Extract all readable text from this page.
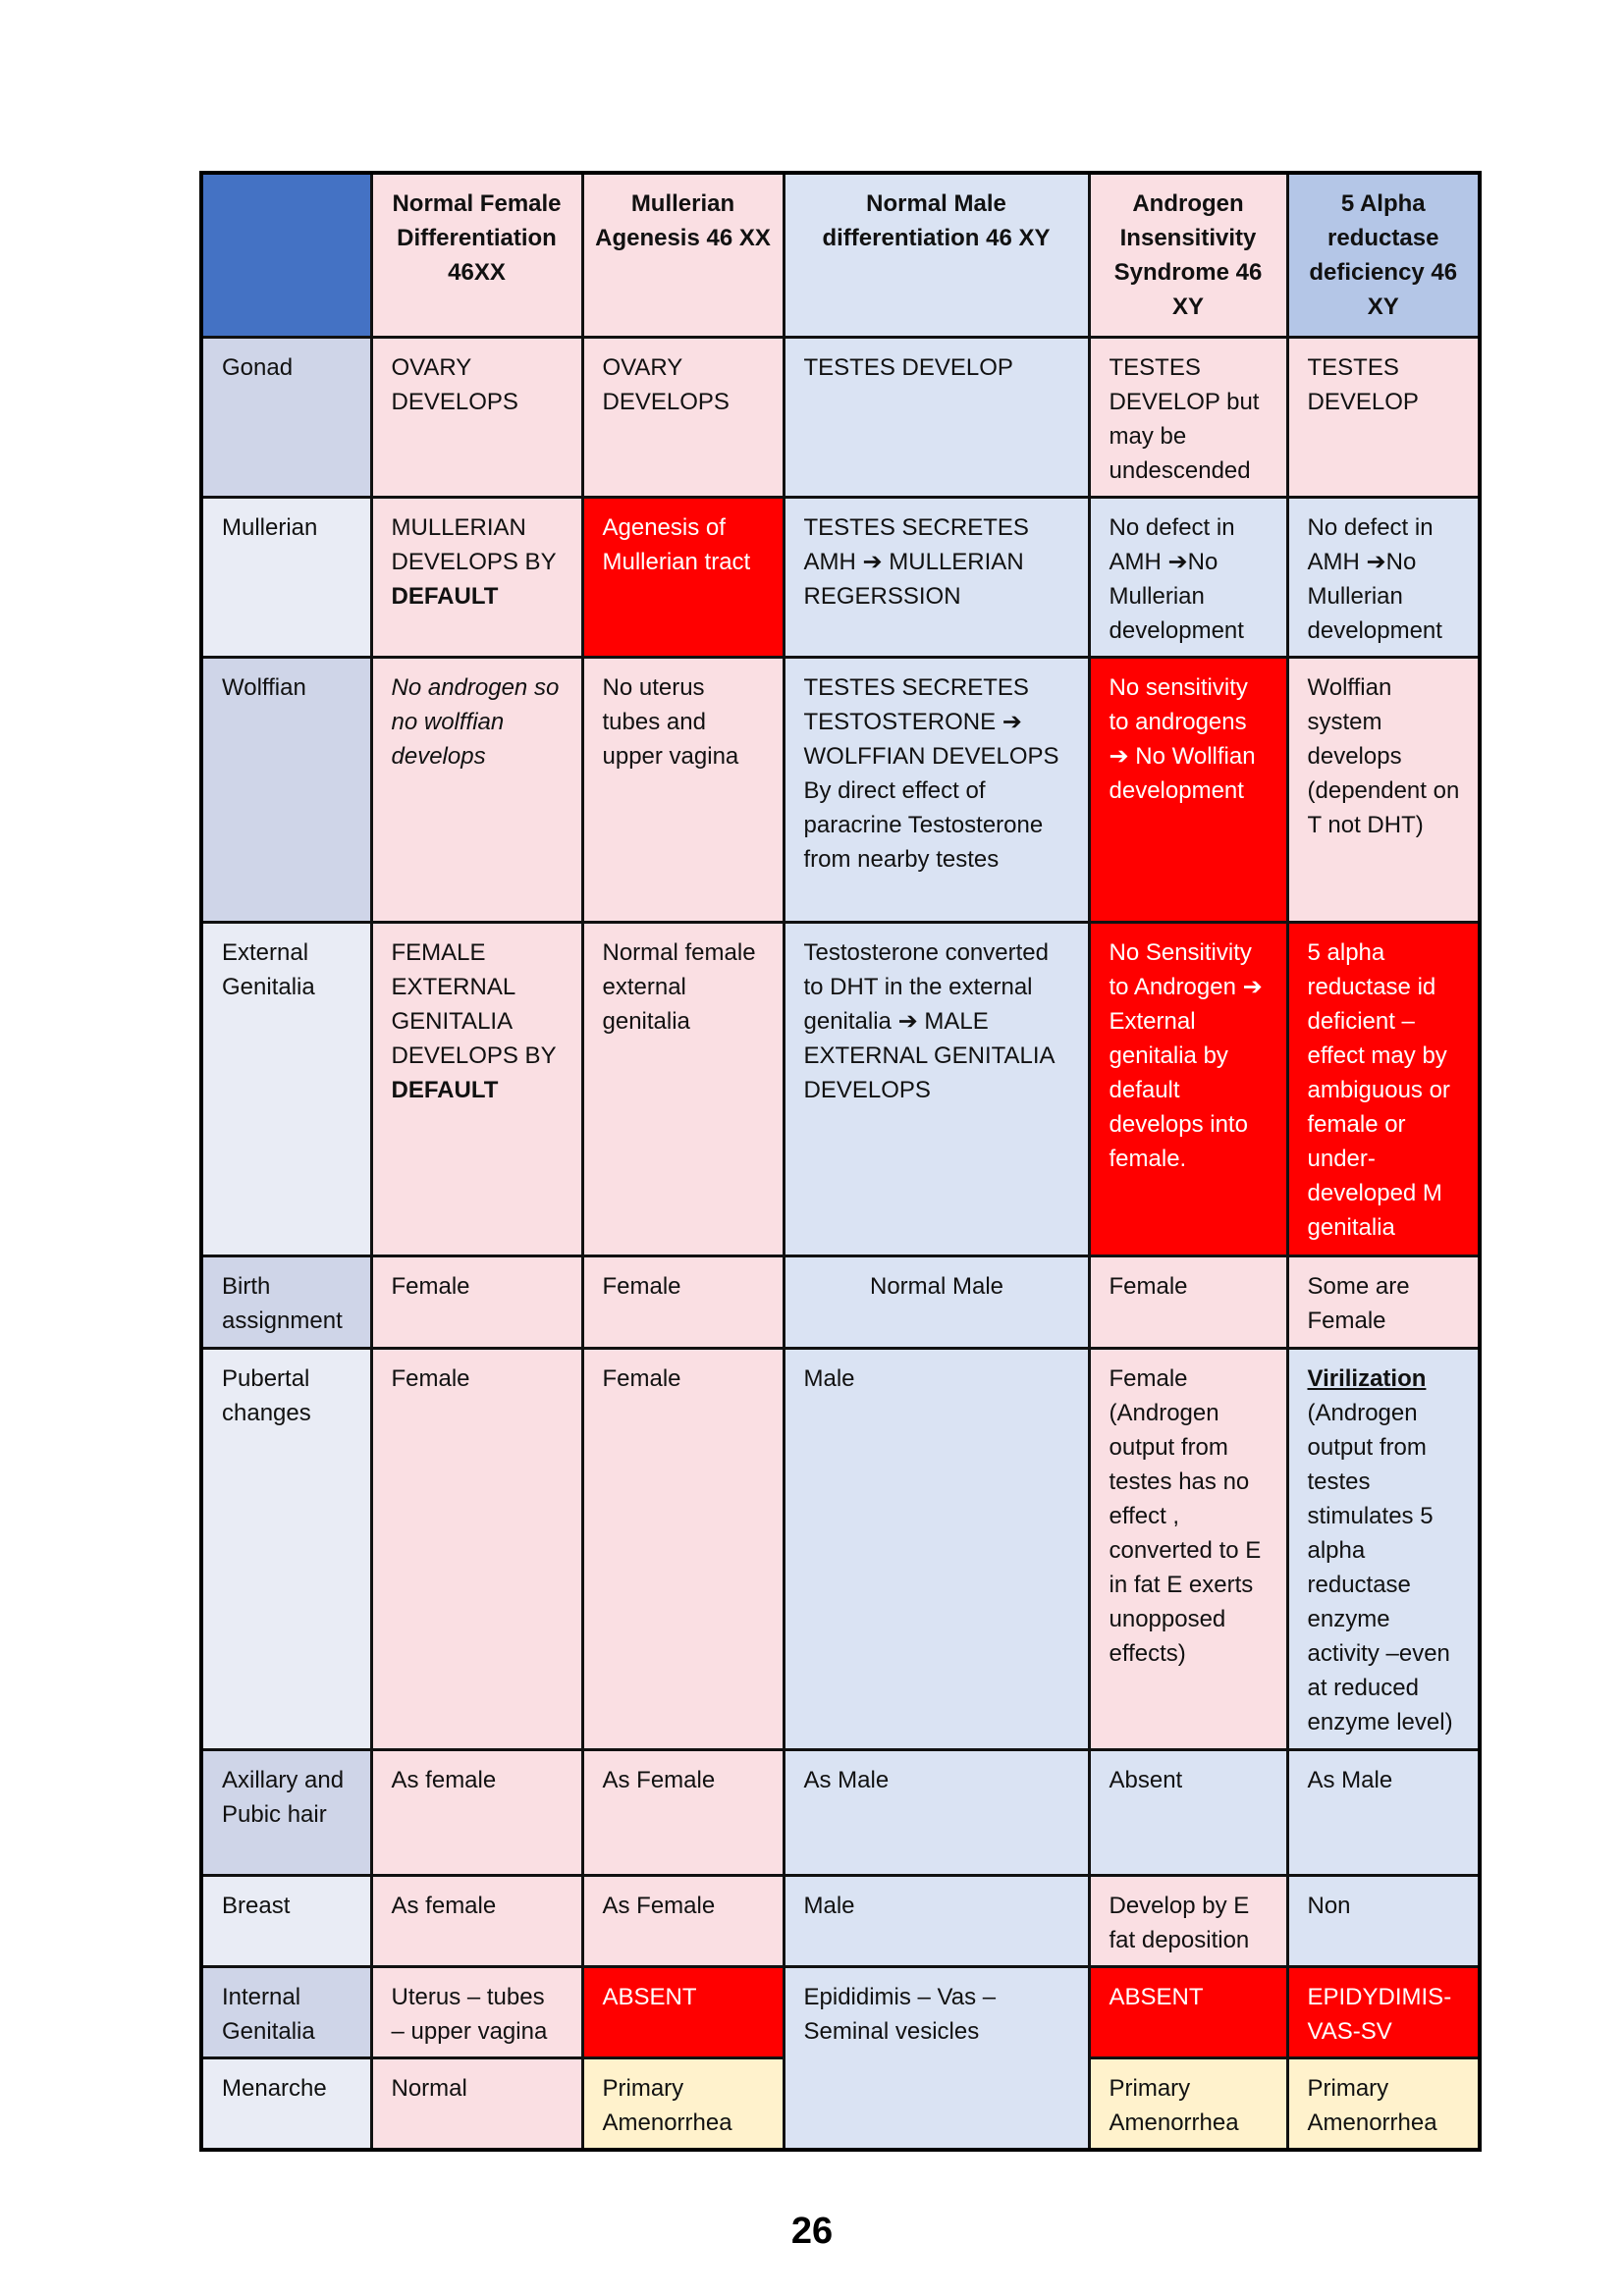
	Normal Female Differentiation 46XX	Mullerian Agenesis 46 XX	Normal Male differentiation 46 XY	Androgen Insensitivity Syndrome 46 XY	5 Alpha reductase deficiency 46 XY
Gonad	OVARY DEVELOPS	OVARY DEVELOPS	TESTES DEVELOP	TESTES DEVELOP but may be undescended	TESTES DEVELOP
Mullerian	MULLERIAN DEVELOPS BY DEFAULT	Agenesis of Mullerian tract	TESTES SECRETES AMH ➔ MULLERIAN REGERSSION	No defect in AMH ➔No Mullerian development	No defect in AMH ➔No Mullerian development
Wolffian	No androgen so no wolffian develops	No uterus tubes and upper vagina	TESTES SECRETES TESTOSTERONE ➔ WOLFFIAN DEVELOPS By direct effect of paracrine Testosterone from nearby testes	No sensitivity to androgens ➔ No Wollfian development	Wolffian system develops (dependent on T not DHT)
External Genitalia	FEMALE EXTERNAL GENITALIA DEVELOPS BY DEFAULT	Normal female external genitalia	Testosterone converted to DHT in the external genitalia ➔ MALE EXTERNAL GENITALIA DEVELOPS	No Sensitivity to Androgen ➔ External genitalia by default develops into female.	5 alpha reductase id deficient – effect may by ambiguous or female or under-developed M genitalia
Birth assignment	Female	Female	Normal Male	Female	Some are Female
Pubertal changes	Female	Female	Male	Female (Androgen output from testes has no effect , converted to E in fat E exerts unopposed effects)	Virilization (Androgen output from testes stimulates 5 alpha reductase enzyme activity –even at reduced enzyme level)
Axillary and Pubic hair	As female	As Female	As Male	Absent	As Male
Breast	As female	As Female	Male	Develop by E fat deposition	Non
Internal Genitalia	Uterus – tubes – upper vagina	ABSENT	Epididimis – Vas – Seminal vesicles	ABSENT	EPIDYDIMIS-VAS-SV
Menarche	Normal	Primary Amenorrhea		Primary Amenorrhea	Primary Amenorrhea
26
